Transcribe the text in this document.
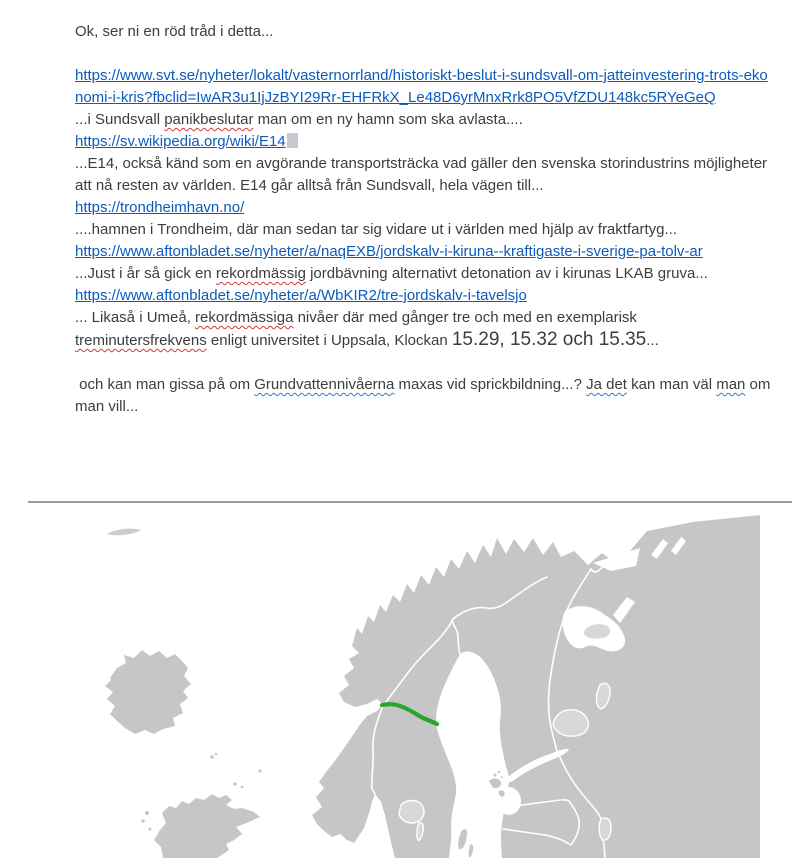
Ok, ser ni en röd tråd i detta...

https://www.svt.se/nyheter/lokalt/vasternorrland/historiskt-beslut-i-sundsvall-om-jatteinvestering-trots-ekonomi-i-kris?fbclid=IwAR3u1IjJzBYI29Rr-EHFRkX_Le48D6yrMnxRrk8PO5VfZDU148kc5RYeGeQ
...i Sundsvall panikbeslutar man om en ny hamn som ska avlasta....
https://sv.wikipedia.org/wiki/E14
...E14, också känd som en avgörande transportsträcka vad gäller den svenska storindustrins möjligheter att nå resten av världen. E14 går alltså från Sundsvall, hela vägen till...
https://trondheimhavn.no/
....hamnen i Trondheim, där man sedan tar sig vidare ut i världen med hjälp av fraktfartyg...
https://www.aftonbladet.se/nyheter/a/naqEXB/jordskalv-i-kiruna--kraftigaste-i-sverige-pa-tolv-ar
...Just i år så gick en rekordmässig jordbävning alternativt detonation av i kirunas LKAB gruva...
https://www.aftonbladet.se/nyheter/a/WbKIR2/tre-jordskalv-i-tavelsjo
... Likaså i Umeå, rekordmässiga nivåer där med gånger tre och med en exemplarisk treminutersfrekvens enligt universitet i Uppsala, Klockan 15.29, 15.32 och 15.35...

och kan man gissa på om Grundvattennivåerna maxas vid sprickbildning...? Ja det kan man väl man om man vill...
